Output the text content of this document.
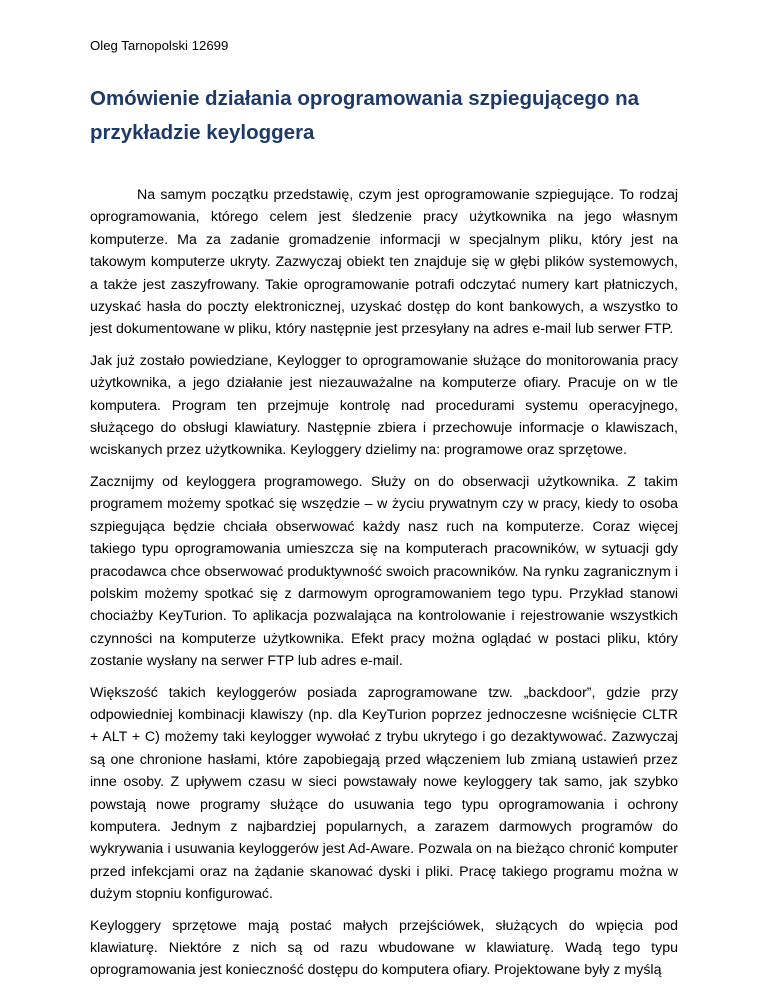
Oleg Tarnopolski 12699
Omówienie działania oprogramowania szpiegującego na przykładzie keyloggera

Na samym początku przedstawię, czym jest oprogramowanie szpiegujące. To rodzaj oprogramowania, którego celem jest śledzenie pracy użytkownika na jego własnym komputerze. Ma za zadanie gromadzenie informacji w specjalnym pliku, który jest na takowym komputerze ukryty. Zazwyczaj obiekt ten znajduje się w głębi plików systemowych, a także jest zaszyfrowany. Takie oprogramowanie potrafi odczytać numery kart płatniczych, uzyskać hasła do poczty elektronicznej, uzyskać dostęp do kont bankowych, a wszystko to jest dokumentowane w pliku, który następnie jest przesyłany na adres e-mail lub serwer FTP.

Jak już zostało powiedziane, Keylogger to oprogramowanie służące do monitorowania pracy użytkownika, a jego działanie jest niezauważalne na komputerze ofiary. Pracuje on w tle komputera. Program ten przejmuje kontrolę nad procedurami systemu operacyjnego, służącego do obsługi klawiatury. Następnie zbiera i przechowuje informacje o klawiszach, wciskanych przez użytkownika. Keyloggery dzielimy na: programowe oraz sprzętowe.

Zacznijmy od keyloggera programowego. Służy on do obserwacji użytkownika. Z takim programem możemy spotkać się wszędzie – w życiu prywatnym czy w pracy, kiedy to osoba szpiegująca będzie chciała obserwować każdy nasz ruch na komputerze. Coraz więcej takiego typu oprogramowania umieszcza się na komputerach pracowników, w sytuacji gdy pracodawca chce obserwować produktywność swoich pracowników. Na rynku zagranicznym i polskim możemy spotkać się z darmowym oprogramowaniem tego typu. Przykład stanowi chociażby KeyTurion. To aplikacja pozwalająca na kontrolowanie i rejestrowanie wszystkich czynności na komputerze użytkownika. Efekt pracy można oglądać w postaci pliku, który zostanie wysłany na serwer FTP lub adres e-mail.

Większość takich keyloggerów posiada zaprogramowane tzw. „backdoor”, gdzie przy odpowiedniej kombinacji klawiszy (np. dla KeyTurion poprzez jednoczesne wciśnięcie CLTR + ALT + C) możemy taki keylogger wywołać z trybu ukrytego i go dezaktywować. Zazwyczaj są one chronione hasłami, które zapobiegają przed włączeniem lub zmianą ustawień przez inne osoby. Z upływem czasu w sieci powstawały nowe keyloggery tak samo, jak szybko powstają nowe programy służące do usuwania tego typu oprogramowania i ochrony komputera. Jednym z najbardziej popularnych, a zarazem darmowych programów do wykrywania i usuwania keyloggerów jest Ad-Aware. Pozwala on na bieżąco chronić komputer przed infekcjami oraz na żądanie skanować dyski i pliki. Pracę takiego programu można w dużym stopniu konfigurować.

Keyloggery sprzętowe mają postać małych przejściówek, służących do wpięcia pod klawiaturę. Niektóre z nich są od razu wbudowane w klawiaturę. Wadą tego typu oprogramowania jest konieczność dostępu do komputera ofiary. Projektowane były z myślą
